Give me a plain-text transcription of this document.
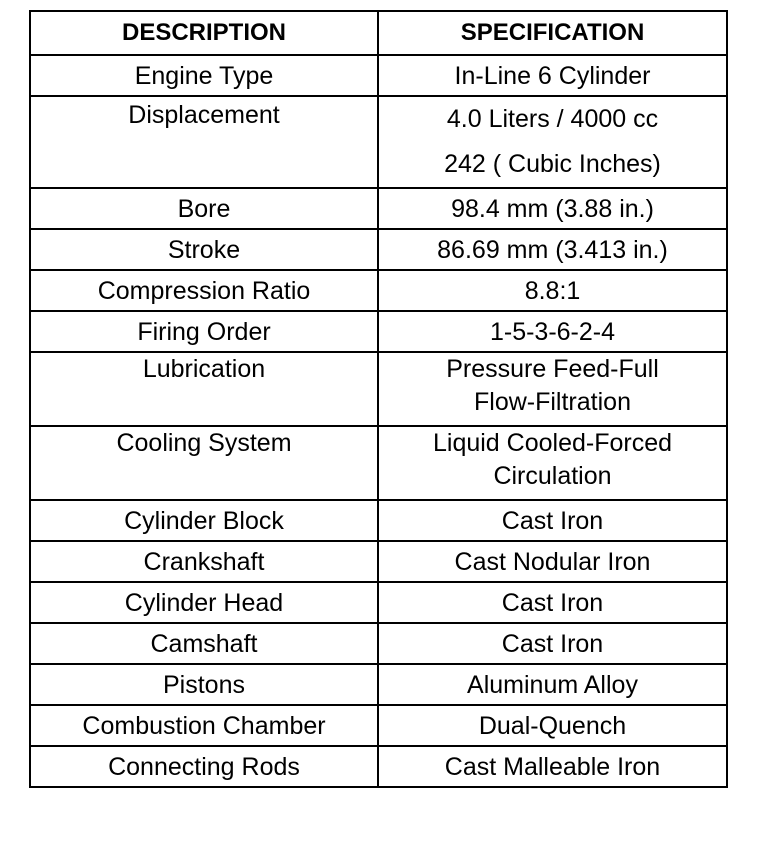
DESCRIPTION	SPECIFICATION
Engine Type	In-Line 6 Cylinder

Displacement	4.0 Liters / 4000 cc
242 ( Cubic Inches)

Bore	98.4 mm (3.88 in.)

Stroke	86.69 mm (3.413 in.)

Compression Ratio	8.8:1

Firing Order	1-5-3-6-2-4

Lubrication	Pressure Feed-Full
Flow-Filtration

Cooling System	Liquid Cooled-Forced
Circulation

Cylinder Block	Cast Iron

Crankshaft	Cast Nodular Iron

Cylinder Head	Cast Iron

Camshaft	Cast Iron

Pistons	Aluminum Alloy

Combustion Chamber	Dual-Quench

Connecting Rods	Cast Malleable Iron
